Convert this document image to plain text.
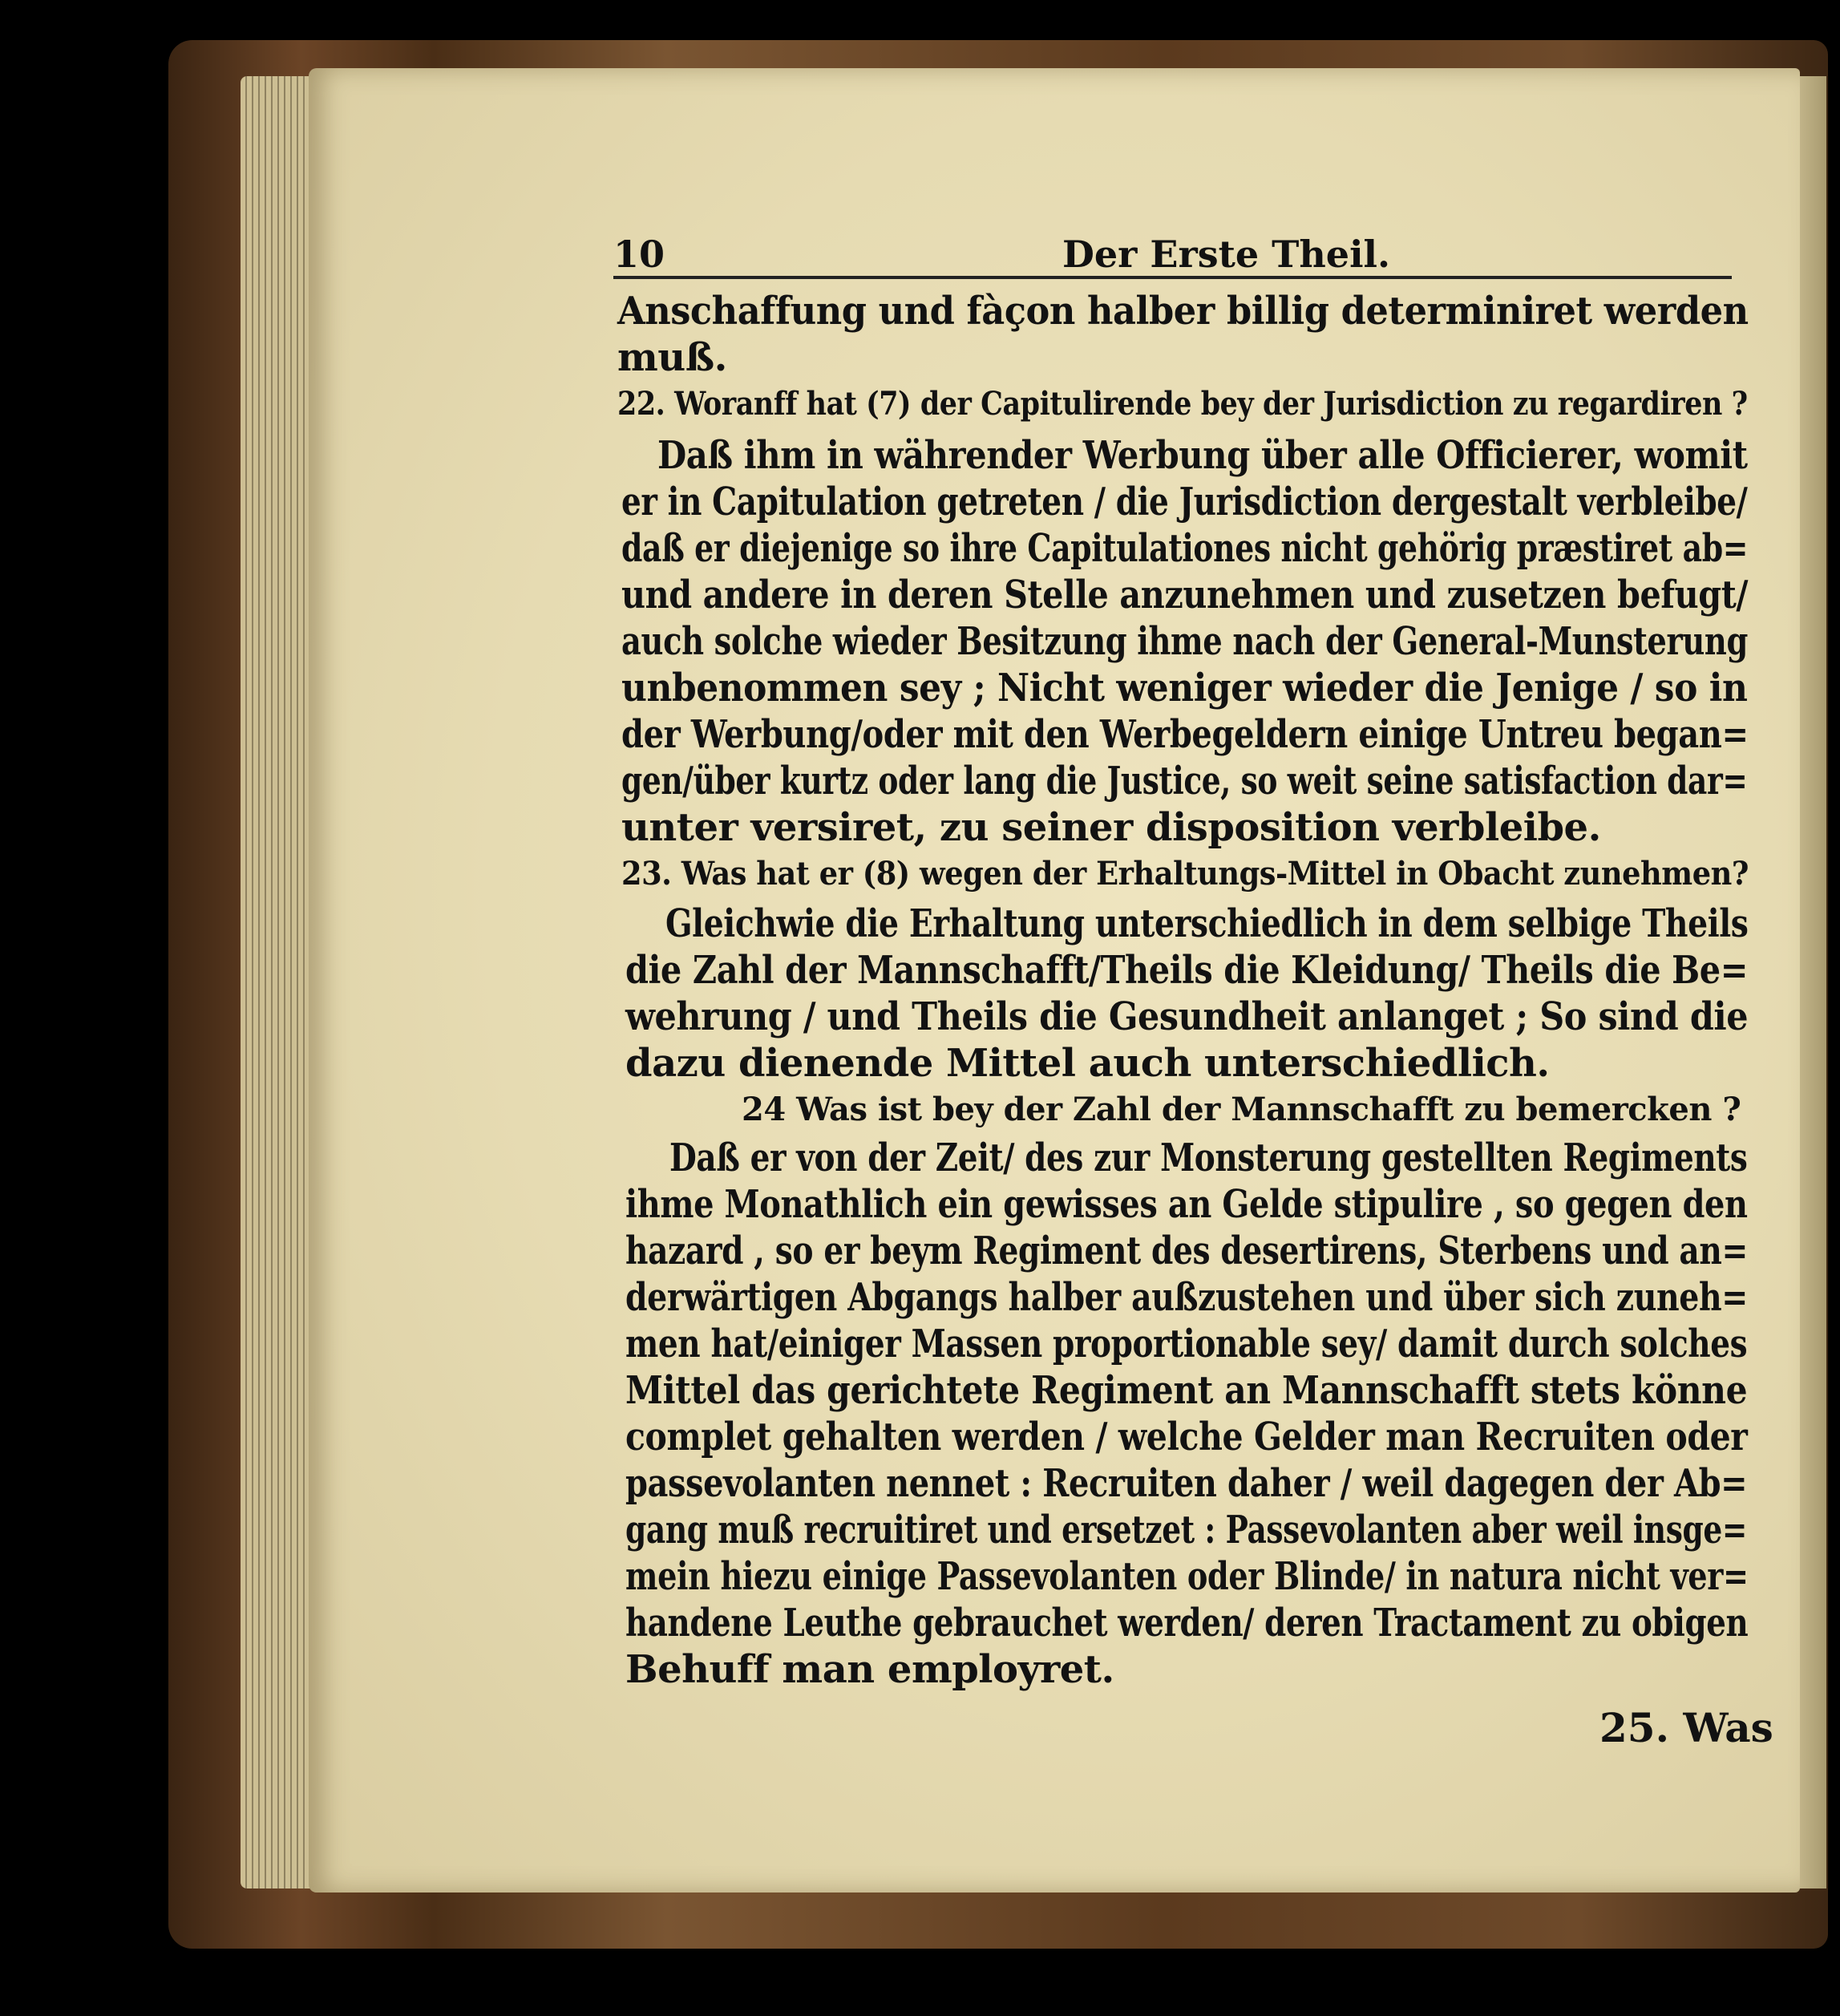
10	Der Erste Theil.
Anschaffung und fàçon halber billig determiniret werden
muß.
22. Woranff hat (7) der Capitulirende bey der Jurisdiction zu regardiren ?
Daß ihm in währender Werbung über alle Officierer, womit
er in Capitulation getreten / die Jurisdiction dergestalt verbleibe/
daß er diejenige so ihre Capitulationes nicht gehörig præstiret ab=
und andere in deren Stelle anzunehmen und zusetzen befugt/
auch solche wieder Besitzung ihme nach der General-Munsterung
unbenommen sey ; Nicht weniger wieder die Jenige / so in
der Werbung/oder mit den Werbegeldern einige Untreu began=
gen/über kurtz oder lang die Justice, so weit seine satisfaction dar=
unter versiret, zu seiner disposition verbleibe.
23. Was hat er (8) wegen der Erhaltungs-Mittel in Obacht zunehmen?
Gleichwie die Erhaltung unterschiedlich in dem selbige Theils
die Zahl der Mannschafft/Theils die Kleidung/ Theils die Be=
wehrung / und Theils die Gesundheit anlanget ; So sind die
dazu dienende Mittel auch unterschiedlich.
24 Was ist bey der Zahl der Mannschafft zu bemercken ?
Daß er von der Zeit/ des zur Monsterung gestellten Regiments
ihme Monathlich ein gewisses an Gelde stipulire , so gegen den
hazard , so er beym Regiment des desertirens, Sterbens und an=
derwärtigen Abgangs halber außzustehen und über sich zuneh=
men hat/einiger Massen proportionable sey/ damit durch solches
Mittel das gerichtete Regiment an Mannschafft stets könne
complet gehalten werden / welche Gelder man Recruiten oder
passevolanten nennet : Recruiten daher / weil dagegen der Ab=
gang muß recruitiret und ersetzet : Passevolanten aber weil insge=
mein hiezu einige Passevolanten oder Blinde/ in natura nicht ver=
handene Leuthe gebrauchet werden/ deren Tractament zu obigen
Behuff man employret.
25. Was
